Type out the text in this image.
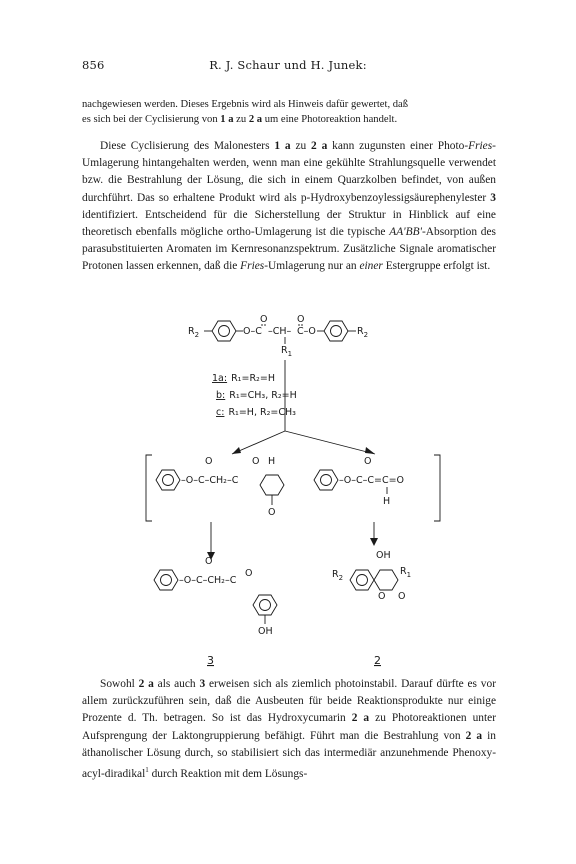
856	R. J. Schaur und H. Junek:
nachgewiesen werden. Dieses Ergebnis wird als Hinweis dafür gewertet, daß
es sich bei der Cyclisierung von 1 a zu 2 a um eine Photoreaktion handelt.
Diese Cyclisierung des Malonesters 1 a zu 2 a kann zugunsten einer Photo-Fries-Umlagerung hintangehalten werden, wenn man eine gekühlte Strahlungsquelle verwendet bzw. die Bestrahlung der Lösung, die sich in einem Quarzkolben befindet, von außen durchführt. Das so erhaltene Produkt wird als p-Hydroxybenzoylessigsäurephenylester 3 identifiziert. Entscheidend für die Sicherstellung der Struktur in Hinblick auf eine theoretisch ebenfalls mögliche ortho-Umlagerung ist die typische AA'BB'-Absorption des parasubstituierten Aromaten im Kernresonanzspektrum. Zusätzliche Signale aromatischer Protonen lassen erkennen, daß die Fries-Umlagerung nur an einer Estergruppe erfolgt ist.
$R_2$	O–C
O
–CH–
$R_1$
C–O
O
$R_2$
1a: R₁=R₂=H
b: R₁=CH₃, R₂=H
c: R₁=H, R₂=CH₃
–O–C–CH₂–C
O	O H
O
–O–C–C=C=O
O
H
–O–C–CH₂–C
O
O
OH
3
OH
$R_2$
$R_1$
O O
2
Sowohl 2 a als auch 3 erweisen sich als ziemlich photoinstabil. Darauf dürfte es vor allem zurückzuführen sein, daß die Ausbeuten für beide Reaktionsprodukte nur einige Prozente d. Th. betragen. So ist das Hydroxycumarin 2 a zu Photoreaktionen unter Aufsprengung der Laktongruppierung befähigt. Führt man die Bestrahlung von 2 a in äthanolischer Lösung durch, so stabilisiert sich das intermediär anzunehmende Phenoxy-acyl-diradikal$^1$ durch Reaktion mit dem Lösungs-
